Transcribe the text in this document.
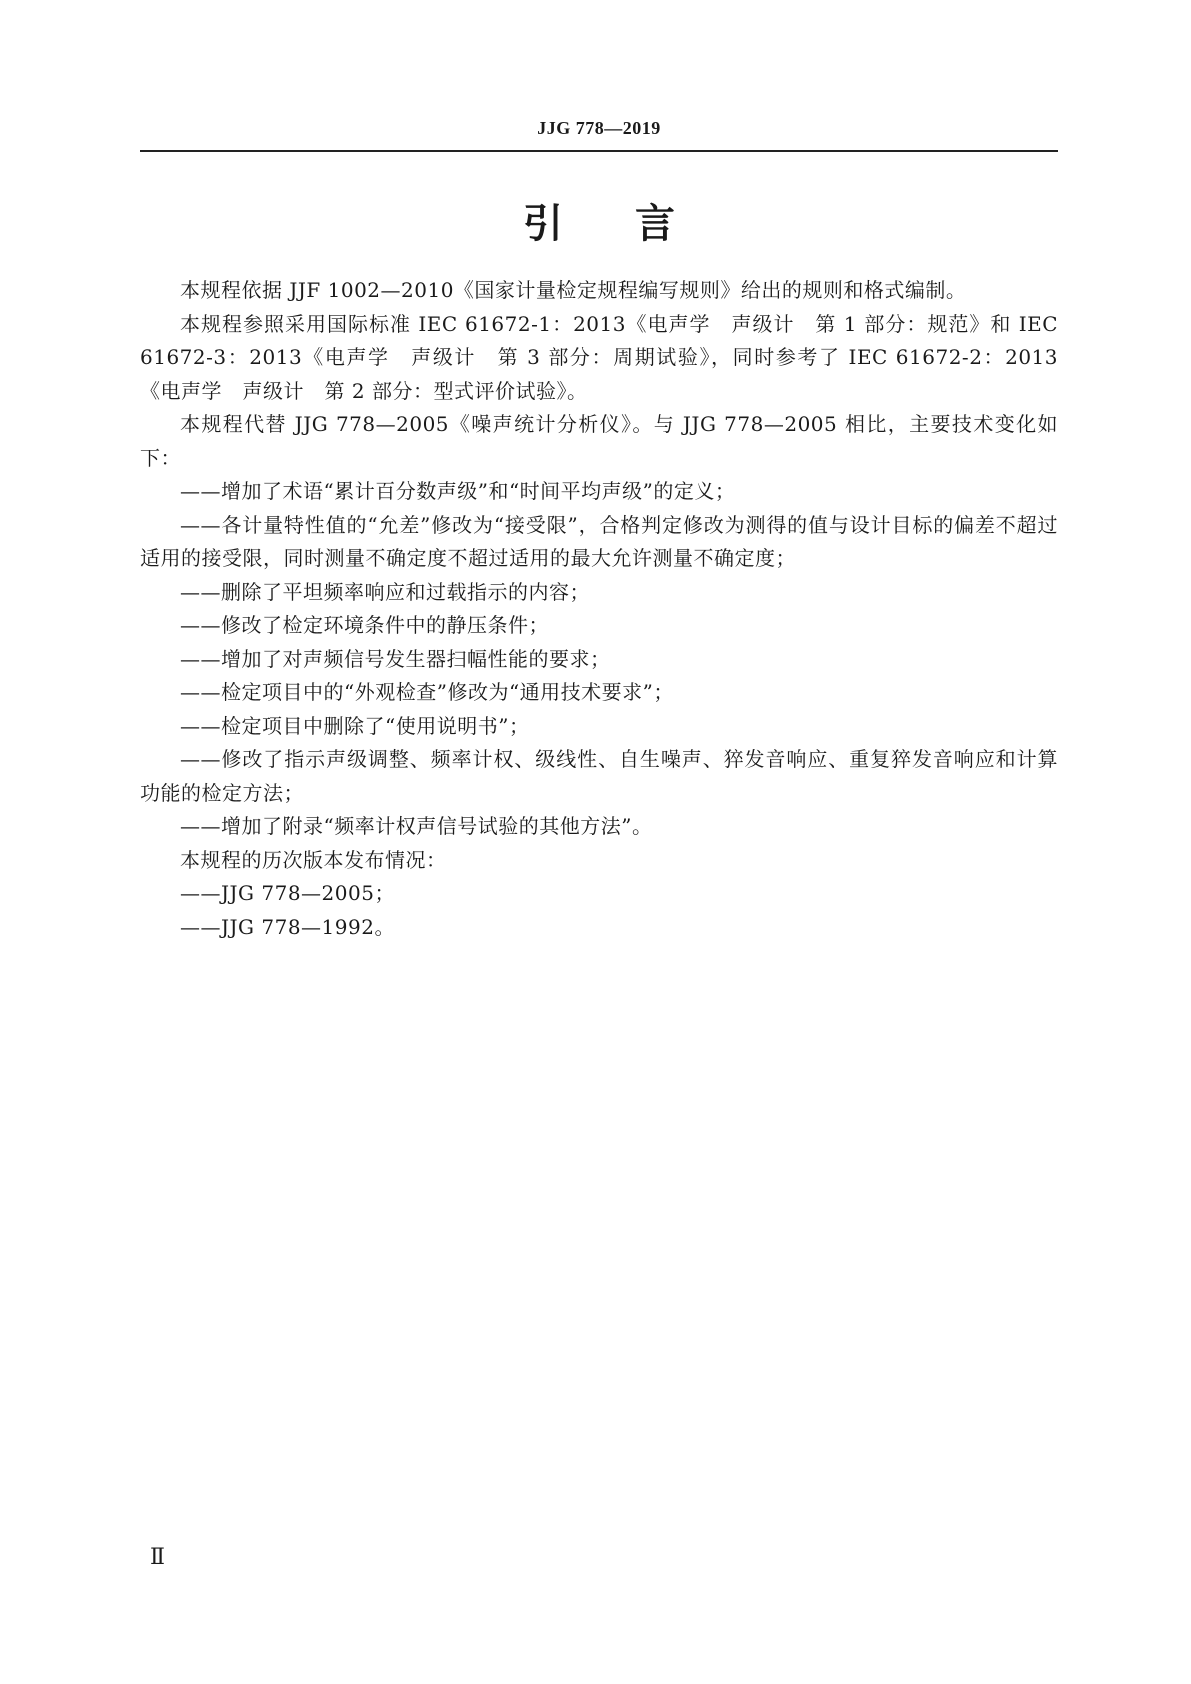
JJG 778—2019
引言

本规程依据 JJF 1002—2010《国家计量检定规程编写规则》给出的规则和格式编制。

本规程参照采用国际标准 IEC 61672-1：2013《电声学　声级计　第 1 部分：规范》和 IEC 61672-3：2013《电声学　声级计　第 3 部分：周期试验》，同时参考了 IEC 61672-2：2013《电声学　声级计　第 2 部分：型式评价试验》。

本规程代替 JJG 778—2005《噪声统计分析仪》。与 JJG 778—2005 相比，主要技术变化如下：

——增加了术语“累计百分数声级”和“时间平均声级”的定义；

——各计量特性值的“允差”修改为“接受限”，合格判定修改为测得的值与设计目标的偏差不超过适用的接受限，同时测量不确定度不超过适用的最大允许测量不确定度；

——删除了平坦频率响应和过载指示的内容；

——修改了检定环境条件中的静压条件；

——增加了对声频信号发生器扫幅性能的要求；

——检定项目中的“外观检查”修改为“通用技术要求”；

——检定项目中删除了“使用说明书”；

——修改了指示声级调整、频率计权、级线性、自生噪声、猝发音响应、重复猝发音响应和计算功能的检定方法；

——增加了附录“频率计权声信号试验的其他方法”。

本规程的历次版本发布情况：

——JJG 778—2005；

——JJG 778—1992。

Ⅱ
